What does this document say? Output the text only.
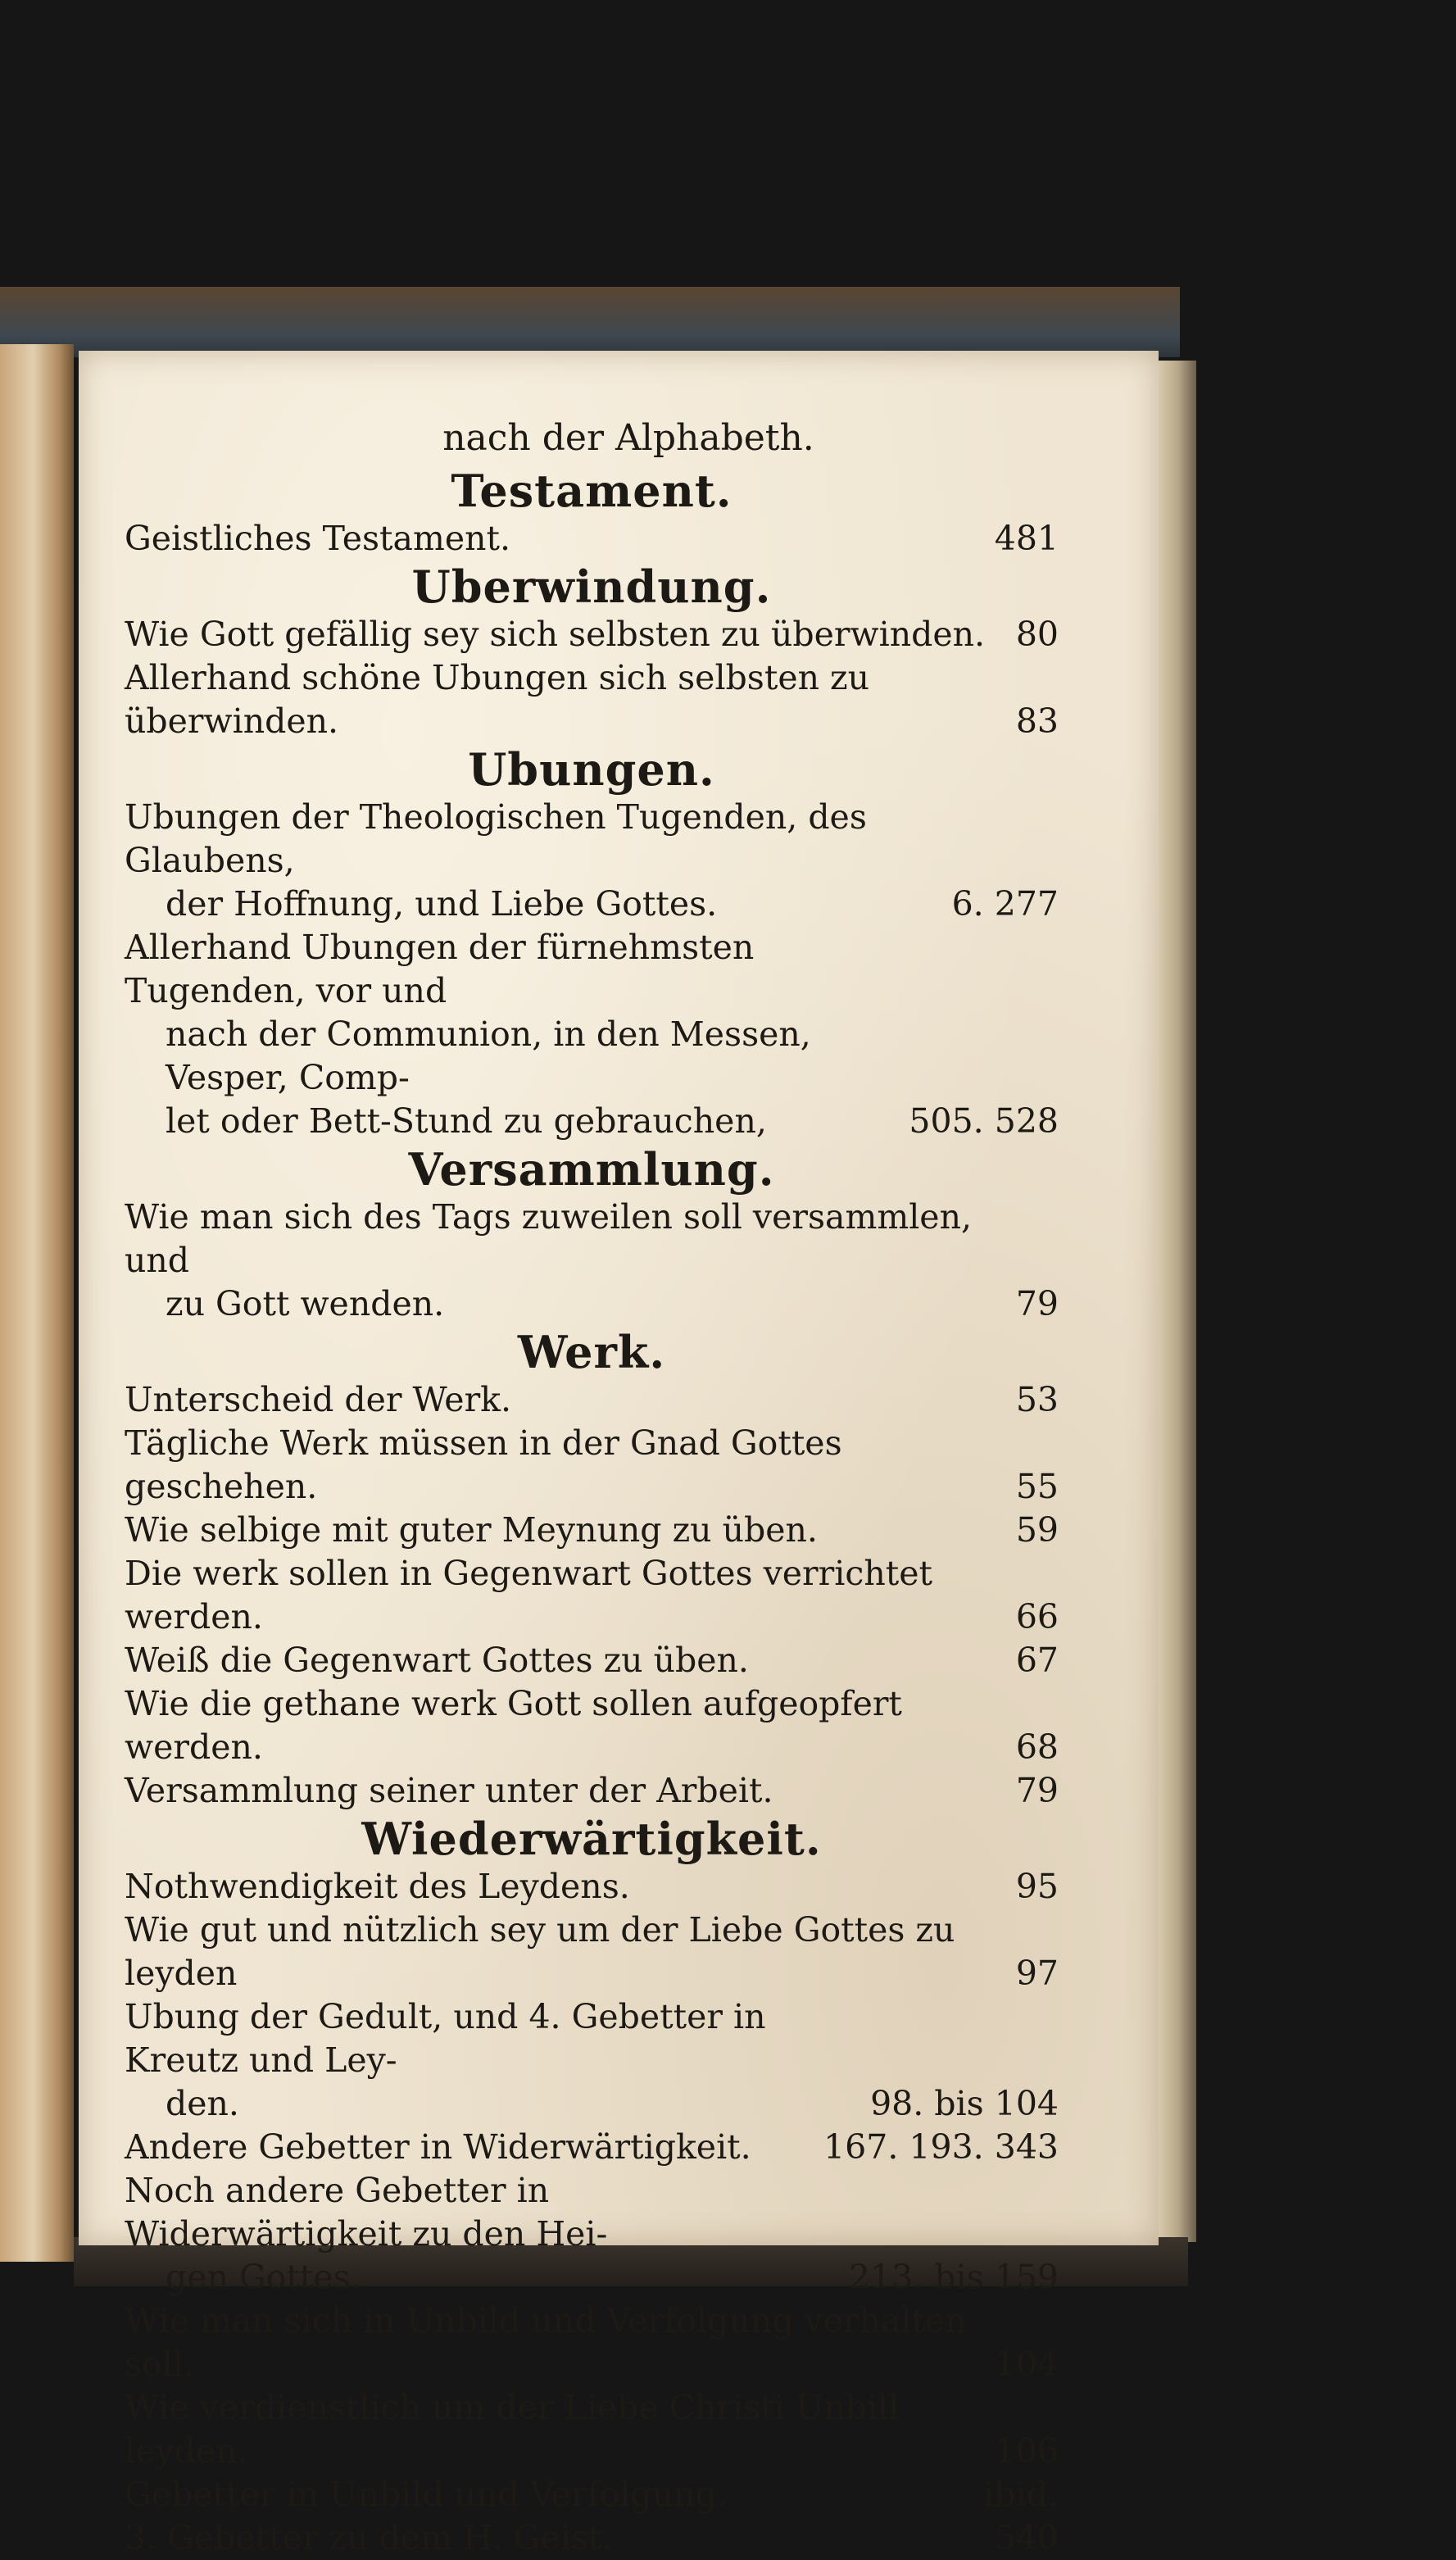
nach der Alphabeth.
Testament.
Geistliches Testament.	481
Uberwindung.
Wie Gott gefällig sey sich selbsten zu überwinden. 80
Allerhand schöne Ubungen sich selbsten zu überwinden.	83
Ubungen.
Ubungen der Theologischen Tugenden, des Glaubens,
der Hoffnung, und Liebe Gottes.	6. 277
Allerhand Ubungen der fürnehmsten Tugenden, vor und
nach der Communion, in den Messen, Vesper, Comp-
let oder Bett-Stund zu gebrauchen,	505. 528
Versammlung.
Wie man sich des Tags zuweilen soll versammlen, und
zu Gott wenden.	79
Werk.
Unterscheid der Werk.	53
Tägliche Werk müssen in der Gnad Gottes geschehen.	55
Wie selbige mit guter Meynung zu üben.	59
Die werk sollen in Gegenwart Gottes verrichtet werden.	66
Weiß die Gegenwart Gottes zu üben.	67
Wie die gethane werk Gott sollen aufgeopfert werden.	68
Versammlung seiner unter der Arbeit.	79
Wiederwärtigkeit.
Nothwendigkeit des Leydens.	95
Wie gut und nützlich sey um der Liebe Gottes zu leyden	97
Ubung der Gedult, und 4. Gebetter in Kreutz und Ley-
den.	98. bis 104
Andere Gebetter in Widerwärtigkeit.	167. 193. 343
Noch andere Gebetter in Widerwärtigkeit zu den Hei-
gen Gottes.	213. bis 159
Wie man sich in Unbild und Verfolgung verhalten soll.	104
Wie verdienstlich um der Liebe Christi Unbill leyden.	106
Gebetter in Unbild und Verfolgung.	ibid.
3. Gebetter zu dem H. Geist.	540
